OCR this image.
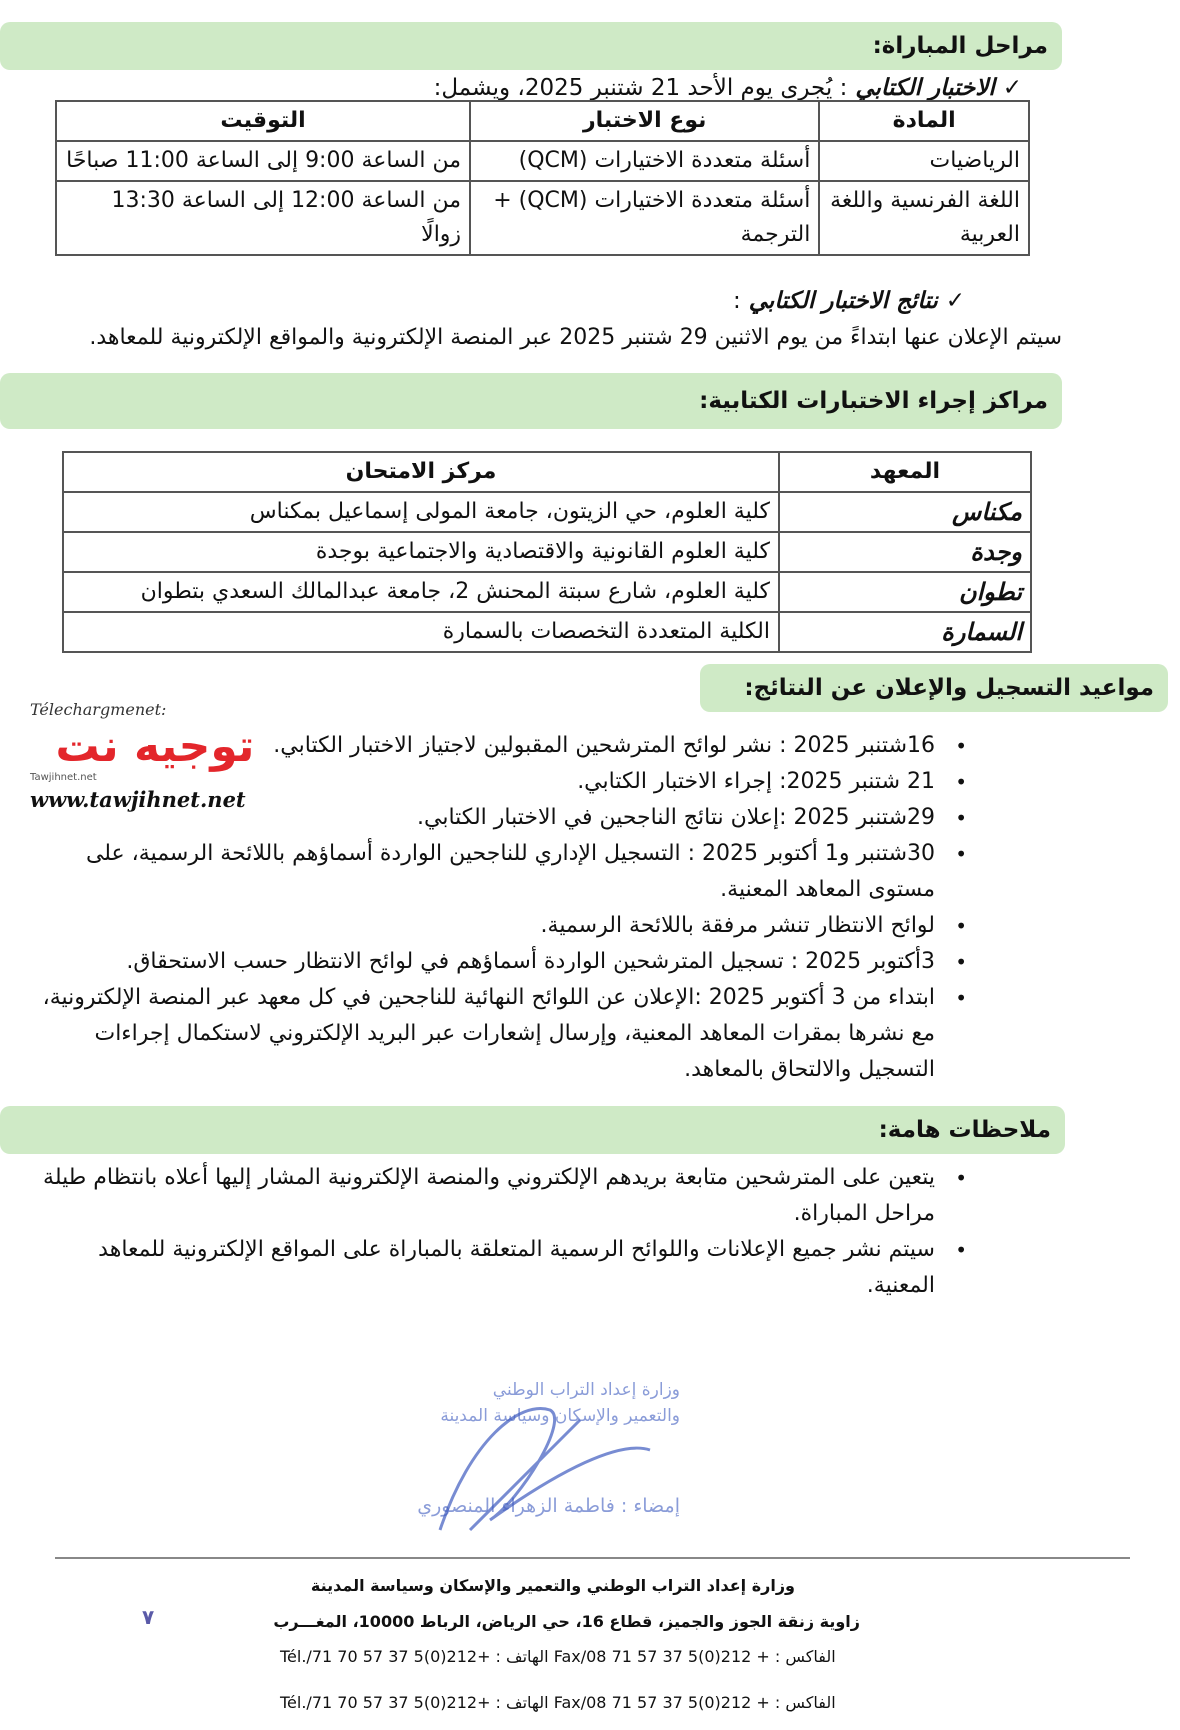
مراحل المباراة:
✓
الاختبار الكتابي
: يُجرى يوم الأحد 21 شتنبر 2025، ويشمل:
المادة	نوع الاختبار	التوقيت
الرياضيات	أسئلة متعددة الاختيارات (QCM)	من الساعة 9:00 إلى الساعة 11:00 صباحًا
اللغة الفرنسية واللغة العربية	أسئلة متعددة الاختيارات (QCM) + الترجمة	من الساعة 12:00 إلى الساعة 13:30 زوالًا
✓
نتائج الاختبار الكتابي
:
سيتم الإعلان عنها ابتداءً من يوم الاثنين 29 شتنبر 2025 عبر المنصة الإلكترونية والمواقع الإلكترونية للمعاهد.
مراكز إجراء الاختبارات الكتابية:
المعهد	مركز الامتحان
مكناس	كلية العلوم، حي الزيتون، جامعة المولى إسماعيل بمكناس
وجدة	كلية العلوم القانونية والاقتصادية والاجتماعية بوجدة
تطوان	كلية العلوم، شارع سبتة المحنش 2، جامعة عبدالمالك السعدي بتطوان
السمارة	الكلية المتعددة التخصصات بالسمارة
Télechargmenet:
توجيه نت
Tawjihnet.net
www.tawjihnet.net
مواعيد التسجيل والإعلان عن النتائج:
• 16شتنبر 2025 : نشر لوائح المترشحين المقبولين لاجتياز الاختبار الكتابي.
• 21 شتنبر 2025: إجراء الاختبار الكتابي.
• 29شتنبر 2025 :إعلان نتائج الناجحين في الاختبار الكتابي.
• 30شتنبر و1 أكتوبر 2025 : التسجيل الإداري للناجحين الواردة أسماؤهم باللائحة الرسمية، على مستوى المعاهد المعنية.
• لوائح الانتظار تنشر مرفقة باللائحة الرسمية.
• 3أكتوبر 2025 : تسجيل المترشحين الواردة أسماؤهم في لوائح الانتظار حسب الاستحقاق.
• ابتداء من 3 أكتوبر 2025 :الإعلان عن اللوائح النهائية للناجحين في كل معهد عبر المنصة الإلكترونية، مع نشرها بمقرات المعاهد المعنية، وإرسال إشعارات عبر البريد الإلكتروني لاستكمال إجراءات التسجيل والالتحاق بالمعاهد.
ملاحظات هامة:
• يتعين على المترشحين متابعة بريدهم الإلكتروني والمنصة الإلكترونية المشار إليها أعلاه بانتظام طيلة مراحل المباراة.
• سيتم نشر جميع الإعلانات واللوائح الرسمية المتعلقة بالمباراة على المواقع الإلكترونية للمعاهد المعنية.
وزارة إعداد التراب الوطني
والتعمير والإسكان وسياسة المدينة
إمضاء : فاطمة الزهراء المنصوري
٧
وزارة إعداد التراب الوطني والتعمير والإسكان وسياسة المدينة
زاوية زنقة الجوز والجميز، قطاع 16، حي الرياض، الرباط 10000، المغـــرب
Tél./الهاتف : +212(0)5 37 57 70 71 Fax/الفاكس : + 212(0)5 37 57 71 08
Tél./الهاتف : +212(0)5 37 57 70 71 Fax/الفاكس : + 212(0)5 37 57 71 08
